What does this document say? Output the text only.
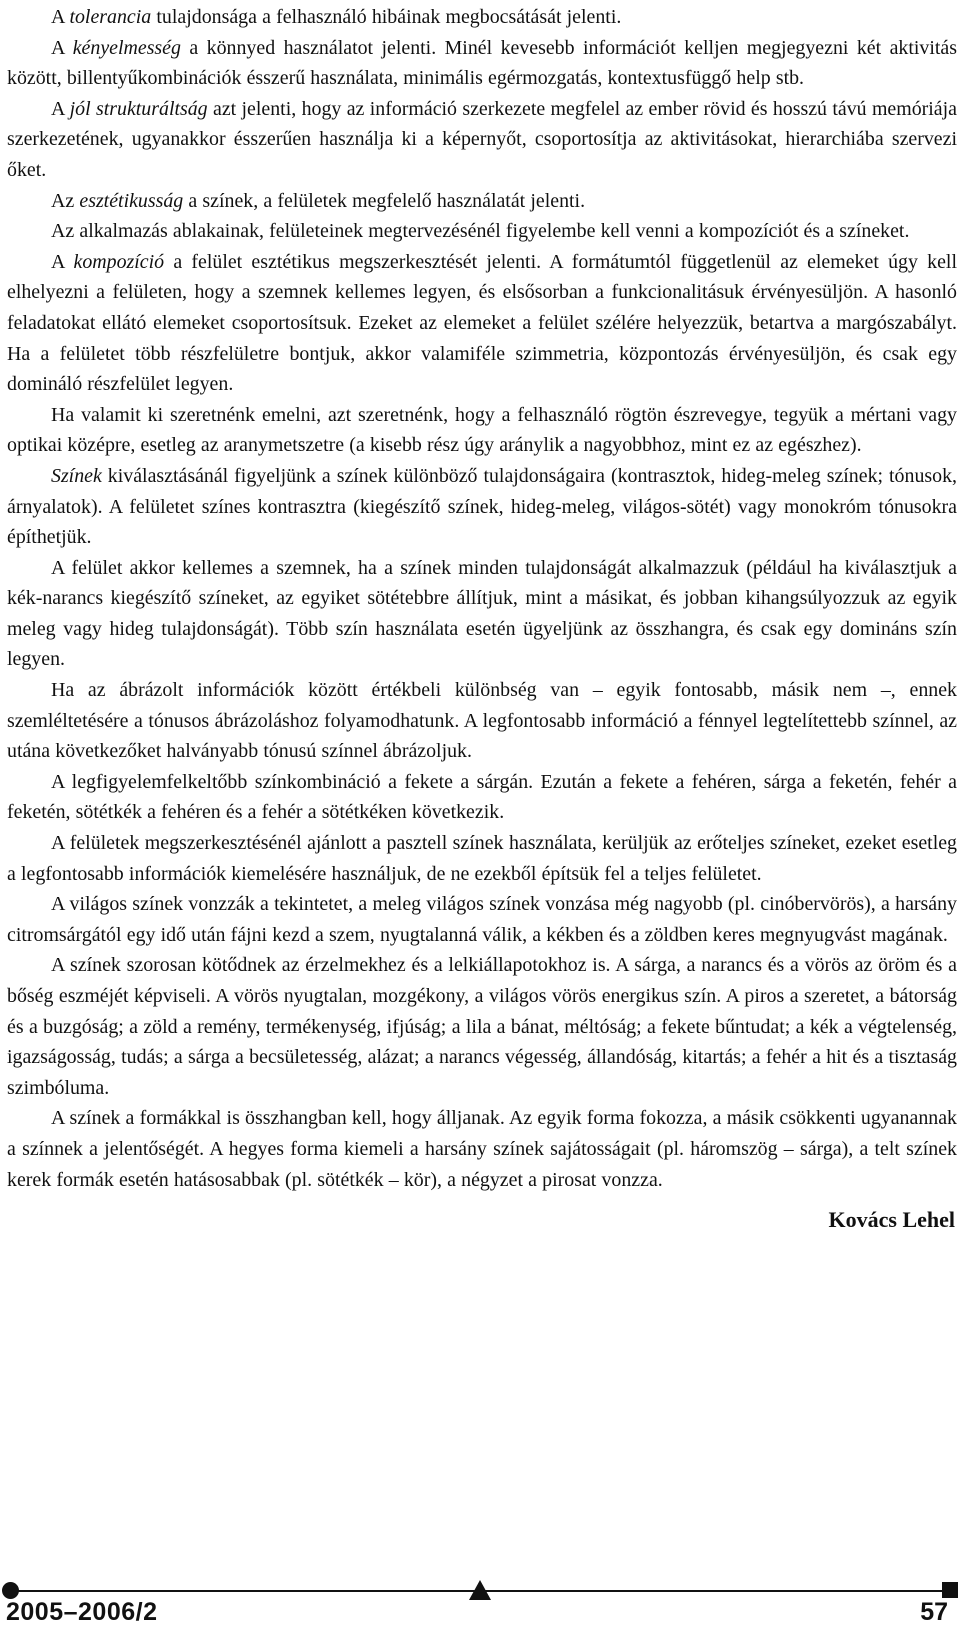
A tolerancia tulajdonsága a felhasználó hibáinak megbocsátását jelenti.

A kényelmesség a könnyed használatot jelenti. Minél kevesebb információt kelljen megjegyezni két aktivitás között, billentyűkombinációk ésszerű használata, minimális egérmozgatás, kontextusfüggő help stb.

A jól strukturáltság azt jelenti, hogy az információ szerkezete megfelel az ember rövid és hosszú távú memóriája szerkezetének, ugyanakkor ésszerűen használja ki a képernyőt, csoportosítja az aktivitásokat, hierarchiába szervezi őket.

Az esztétikusság a színek, a felületek megfelelő használatát jelenti.

Az alkalmazás ablakainak, felületeinek megtervezésénél figyelembe kell venni a kompozíciót és a színeket.

A kompozíció a felület esztétikus megszerkesztését jelenti. A formátumtól függetlenül az elemeket úgy kell elhelyezni a felületen, hogy a szemnek kellemes legyen, és elsősorban a funkcionalitásuk érvényesüljön. A hasonló feladatokat ellátó elemeket csoportosítsuk. Ezeket az elemeket a felület szélére helyezzük, betartva a margószabályt. Ha a felületet több részfelületre bontjuk, akkor valamiféle szimmetria, központozás érvényesüljön, és csak egy domináló részfelület legyen.

Ha valamit ki szeretnénk emelni, azt szeretnénk, hogy a felhasználó rögtön észrevegye, tegyük a mértani vagy optikai középre, esetleg az aranymetszetre (a kisebb rész úgy aránylik a nagyobbhoz, mint ez az egészhez).

Színek kiválasztásánál figyeljünk a színek különböző tulajdonságaira (kontrasztok, hideg-meleg színek; tónusok, árnyalatok). A felületet színes kontrasztra (kiegészítő színek, hideg-meleg, világos-sötét) vagy monokróm tónusokra építhetjük.

A felület akkor kellemes a szemnek, ha a színek minden tulajdonságát alkalmazzuk (például ha kiválasztjuk a kék-narancs kiegészítő színeket, az egyiket sötétebbre állítjuk, mint a másikat, és jobban kihangsúlyozzuk az egyik meleg vagy hideg tulajdonságát). Több szín használata esetén ügyeljünk az összhangra, és csak egy domináns szín legyen.

Ha az ábrázolt információk között értékbeli különbség van – egyik fontosabb, másik nem –, ennek szemléltetésére a tónusos ábrázoláshoz folyamodhatunk. A legfontosabb információ a fénnyel legtelítettebb színnel, az utána következőket halványabb tónusú színnel ábrázoljuk.

A legfigyelemfelkeltőbb színkombináció a fekete a sárgán. Ezután a fekete a fehéren, sárga a feketén, fehér a feketén, sötétkék a fehéren és a fehér a sötétkéken következik.

A felületek megszerkesztésénél ajánlott a pasztell színek használata, kerüljük az erőteljes színeket, ezeket esetleg a legfontosabb információk kiemelésére használjuk, de ne ezekből építsük fel a teljes felületet.

A világos színek vonzzák a tekintetet, a meleg világos színek vonzása még nagyobb (pl. cinóbervörös), a harsány citromsárgától egy idő után fájni kezd a szem, nyugtalanná válik, a kékben és a zöldben keres megnyugvást magának.

A színek szorosan kötődnek az érzelmekhez és a lelkiállapotokhoz is. A sárga, a narancs és a vörös az öröm és a bőség eszméjét képviseli. A vörös nyugtalan, mozgékony, a világos vörös energikus szín. A piros a szeretet, a bátorság és a buzgóság; a zöld a remény, termékenység, ifjúság; a lila a bánat, méltóság; a fekete bűntudat; a kék a végtelenség, igazságosság, tudás; a sárga a becsületesség, alázat; a narancs végesség, állandóság, kitartás; a fehér a hit és a tisztaság szimbóluma.

A színek a formákkal is összhangban kell, hogy álljanak. Az egyik forma fokozza, a másik csökkenti ugyanannak a színnek a jelentőségét. A hegyes forma kiemeli a harsány színek sajátosságait (pl. háromszög – sárga), a telt színek kerek formák esetén hatásosabbak (pl. sötétkék – kör), a négyzet a pirosat vonzza.

Kovács Lehel
2005–2006/2	57
